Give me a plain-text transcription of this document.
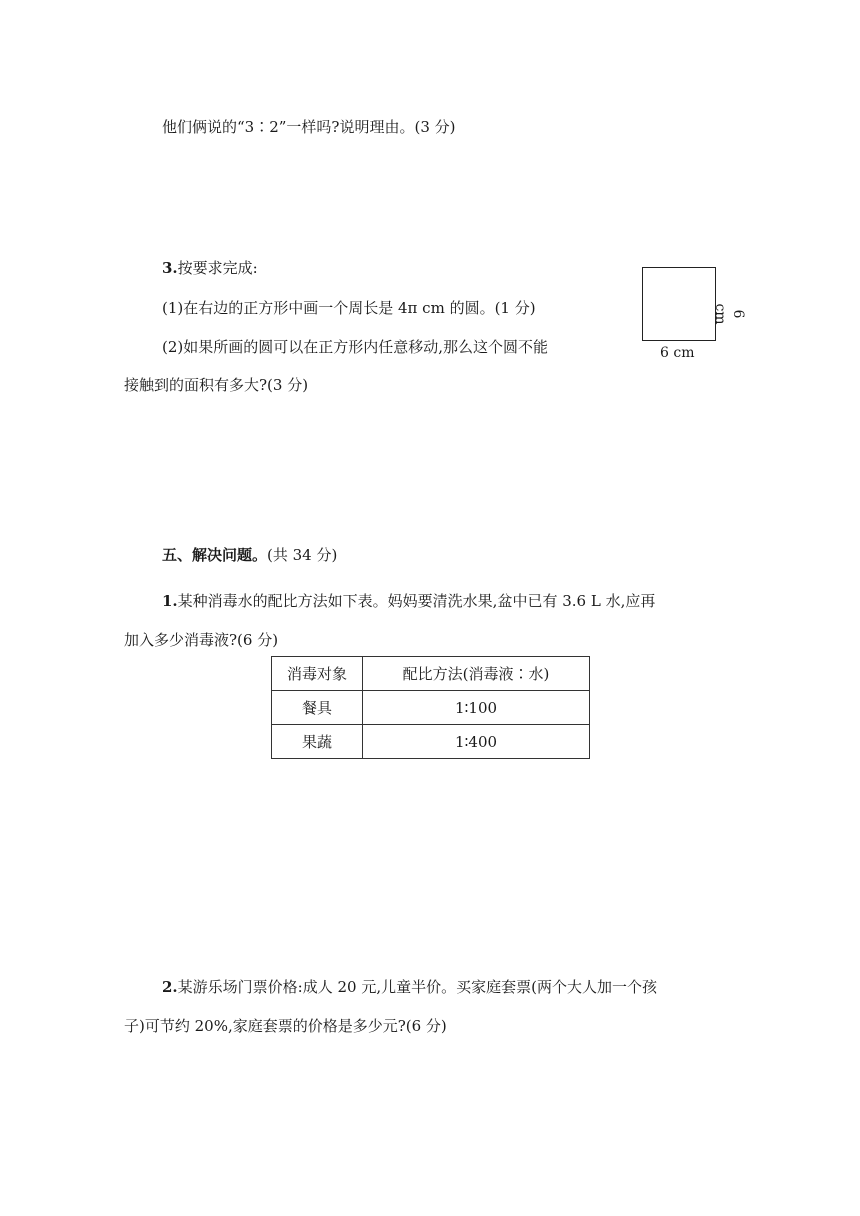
他们俩说的“3∶2”一样吗?说明理由。(3 分)
3.按要求完成:
(1)在右边的正方形中画一个周长是 4π cm 的圆。(1 分)
(2)如果所画的圆可以在正方形内任意移动,那么这个圆不能
接触到的面积有多大?(3 分)
6 cm
6 cm
五、解决问题。(共 34 分)
1.某种消毒水的配比方法如下表。妈妈要清洗水果,盆中已有 3.6 L 水,应再
加入多少消毒液?(6 分)
消毒对象	配比方法(消毒液∶水)
餐具	1∶100
果蔬	1∶400
2.某游乐场门票价格:成人 20 元,儿童半价。买家庭套票(两个大人加一个孩
子)可节约 20%,家庭套票的价格是多少元?(6 分)
